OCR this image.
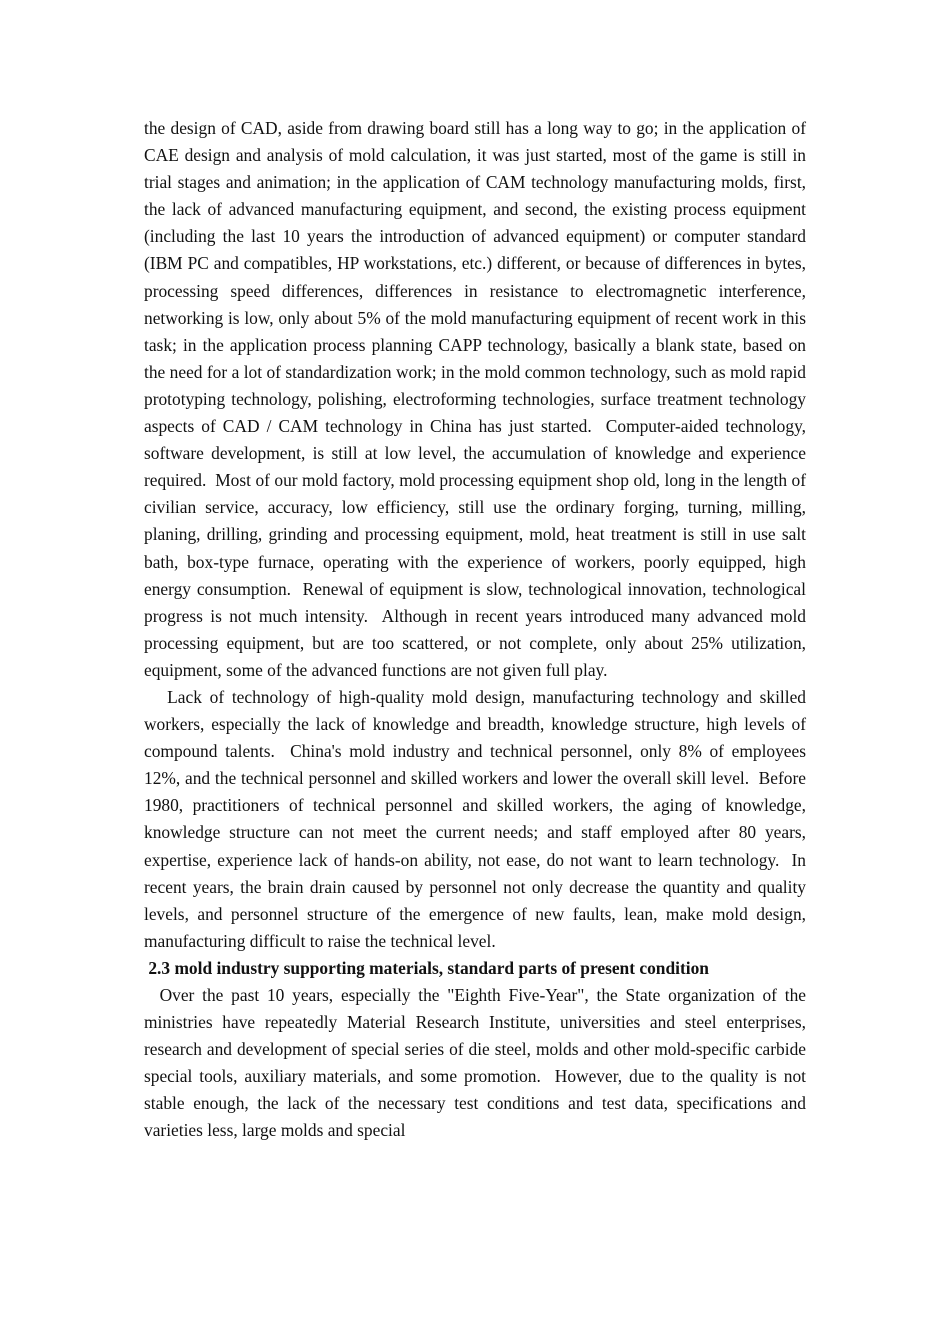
the design of CAD, aside from drawing board still has a long way to go; in the application of CAE design and analysis of mold calculation, it was just started, most of the game is still in trial stages and animation; in the application of CAM technology manufacturing molds, first, the lack of advanced manufacturing equipment, and second, the existing process equipment (including the last 10 years the introduction of advanced equipment) or computer standard (IBM PC and compatibles, HP workstations, etc.) different, or because of differences in bytes, processing speed differences, differences in resistance to electromagnetic interference, networking is low, only about 5% of the mold manufacturing equipment of recent work in this task; in the application process planning CAPP technology, basically a blank state, based on the need for a lot of standardization work; in the mold common technology, such as mold rapid prototyping technology, polishing, electroforming technologies, surface treatment technology aspects of CAD / CAM technology in China has just started.  Computer-aided technology, software development, is still at low level, the accumulation of knowledge and experience required.  Most of our mold factory, mold processing equipment shop old, long in the length of civilian service, accuracy, low efficiency, still use the ordinary forging, turning, milling, planing, drilling, grinding and processing equipment, mold, heat treatment is still in use salt bath, box-type furnace, operating with the experience of workers, poorly equipped, high energy consumption.  Renewal of equipment is slow, technological innovation, technological progress is not much intensity.  Although in recent years introduced many advanced mold processing equipment, but are too scattered, or not complete, only about 25% utilization, equipment, some of the advanced functions are not given full play.

Lack of technology of high-quality mold design, manufacturing technology and skilled workers, especially the lack of knowledge and breadth, knowledge structure, high levels of compound talents.  China's mold industry and technical personnel, only 8% of employees 12%, and the technical personnel and skilled workers and lower the overall skill level.  Before 1980, practitioners of technical personnel and skilled workers, the aging of knowledge, knowledge structure can not meet the current needs; and staff employed after 80 years, expertise, experience lack of hands-on ability, not ease, do not want to learn technology.  In recent years, the brain drain caused by personnel not only decrease the quantity and quality levels, and personnel structure of the emergence of new faults, lean, make mold design, manufacturing difficult to raise the technical level.

2.3 mold industry supporting materials, standard parts of present condition

Over the past 10 years, especially the "Eighth Five-Year", the State organization of the ministries have repeatedly Material Research Institute, universities and steel enterprises, research and development of special series of die steel, molds and other mold-specific carbide special tools, auxiliary materials, and some promotion.  However, due to the quality is not stable enough, the lack of the necessary test conditions and test data, specifications and varieties less, large molds and special
